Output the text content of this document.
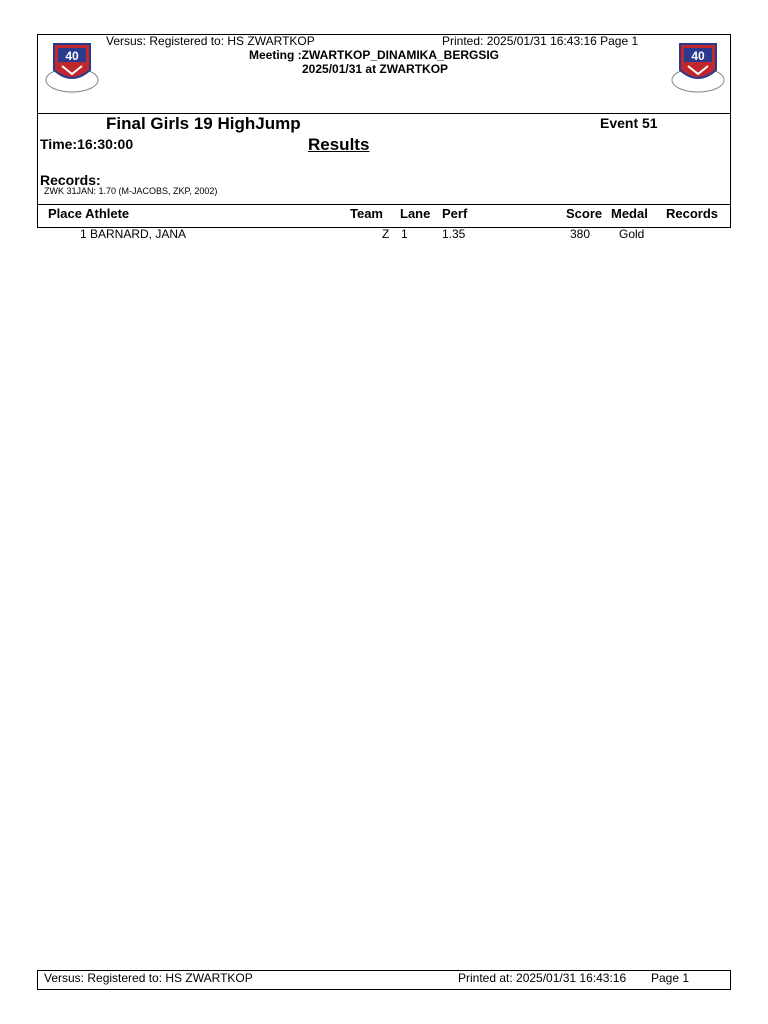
40	40
Versus: Registered to: HS ZWARTKOP	Printed: 2025/01/31 16:43:16 Page 1
Meeting :ZWARTKOP_DINAMIKA_BERGSIG
2025/01/31 at ZWARTKOP
Final Girls 19 HighJump	Event 51
Time:16:30:00	Results
Records:
ZWK 31JAN: 1.70 (M-JACOBS, ZKP, 2002)
Place Athlete	Team Lane Perf	Score Medal Records
1 BARNARD, JANA	Z 1	1.35	380 Gold
Versus: Registered to: HS ZWARTKOP	Printed at: 2025/01/31 16:43:16 Page 1
